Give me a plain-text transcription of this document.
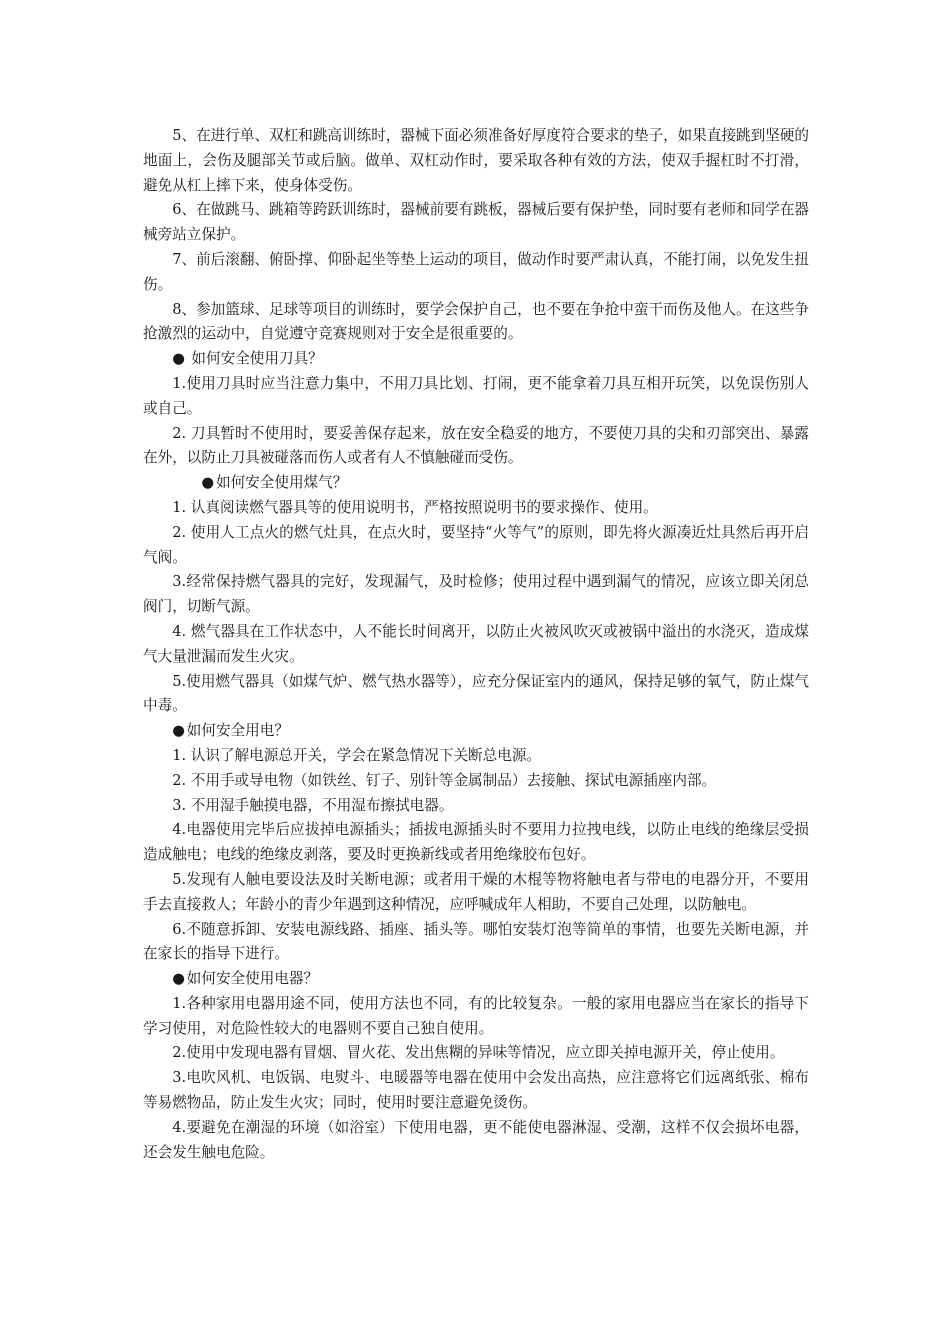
5、在进行单、双杠和跳高训练时，器械下面必须准备好厚度符合要求的垫子，如果直接跳到坚硬的地面上，会伤及腿部关节或后脑。做单、双杠动作时，要采取各种有效的方法，使双手握杠时不打滑，避免从杠上摔下来，使身体受伤。

6、在做跳马、跳箱等跨跃训练时，器械前要有跳板，器械后要有保护垫，同时要有老师和同学在器械旁站立保护。

7、前后滚翻、俯卧撑、仰卧起坐等垫上运动的项目，做动作时要严肃认真，不能打闹，以免发生扭伤。

8、参加篮球、足球等项目的训练时，要学会保护自己，也不要在争抢中蛮干而伤及他人。在这些争抢激烈的运动中，自觉遵守竞赛规则对于安全是很重要的。

● 如何安全使用刀具？

1.使用刀具时应当注意力集中，不用刀具比划、打闹，更不能拿着刀具互相开玩笑，以免误伤别人或自己。

2. 刀具暂时不使用时，要妥善保存起来，放在安全稳妥的地方，不要使刀具的尖和刃部突出、暴露在外，以防止刀具被碰落而伤人或者有人不慎触碰而受伤。

● 如何安全使用煤气？

1. 认真阅读燃气器具等的使用说明书，严格按照说明书的要求操作、使用。

2. 使用人工点火的燃气灶具，在点火时，要坚持“火等气”的原则，即先将火源凑近灶具然后再开启气阀。

3.经常保持燃气器具的完好，发现漏气，及时检修；使用过程中遇到漏气的情况，应该立即关闭总阀门，切断气源。

4. 燃气器具在工作状态中，人不能长时间离开，以防止火被风吹灭或被锅中溢出的水浇灭，造成煤气大量泄漏而发生火灾。

5.使用燃气器具（如煤气炉、燃气热水器等），应充分保证室内的通风，保持足够的氧气，防止煤气中毒。

● 如何安全用电？

1. 认识了解电源总开关，学会在紧急情况下关断总电源。

2. 不用手或导电物（如铁丝、钉子、别针等金属制品）去接触、探试电源插座内部。

3. 不用湿手触摸电器，不用湿布擦拭电器。

4.电器使用完毕后应拔掉电源插头；插拔电源插头时不要用力拉拽电线，以防止电线的绝缘层受损造成触电；电线的绝缘皮剥落，要及时更换新线或者用绝缘胶布包好。

5.发现有人触电要设法及时关断电源；或者用干燥的木棍等物将触电者与带电的电器分开，不要用手去直接救人；年龄小的青少年遇到这种情况，应呼喊成年人相助，不要自己处理，以防触电。

6.不随意拆卸、安装电源线路、插座、插头等。哪怕安装灯泡等简单的事情，也要先关断电源，并在家长的指导下进行。

● 如何安全使用电器？

1.各种家用电器用途不同，使用方法也不同，有的比较复杂。一般的家用电器应当在家长的指导下学习使用，对危险性较大的电器则不要自己独自使用。

2.使用中发现电器有冒烟、冒火花、发出焦糊的异味等情况，应立即关掉电源开关，停止使用。

3.电吹风机、电饭锅、电熨斗、电暖器等电器在使用中会发出高热，应注意将它们远离纸张、棉布等易燃物品，防止发生火灾；同时，使用时要注意避免烫伤。

4.要避免在潮湿的环境（如浴室）下使用电器，更不能使电器淋湿、受潮，这样不仅会损坏电器，还会发生触电危险。
